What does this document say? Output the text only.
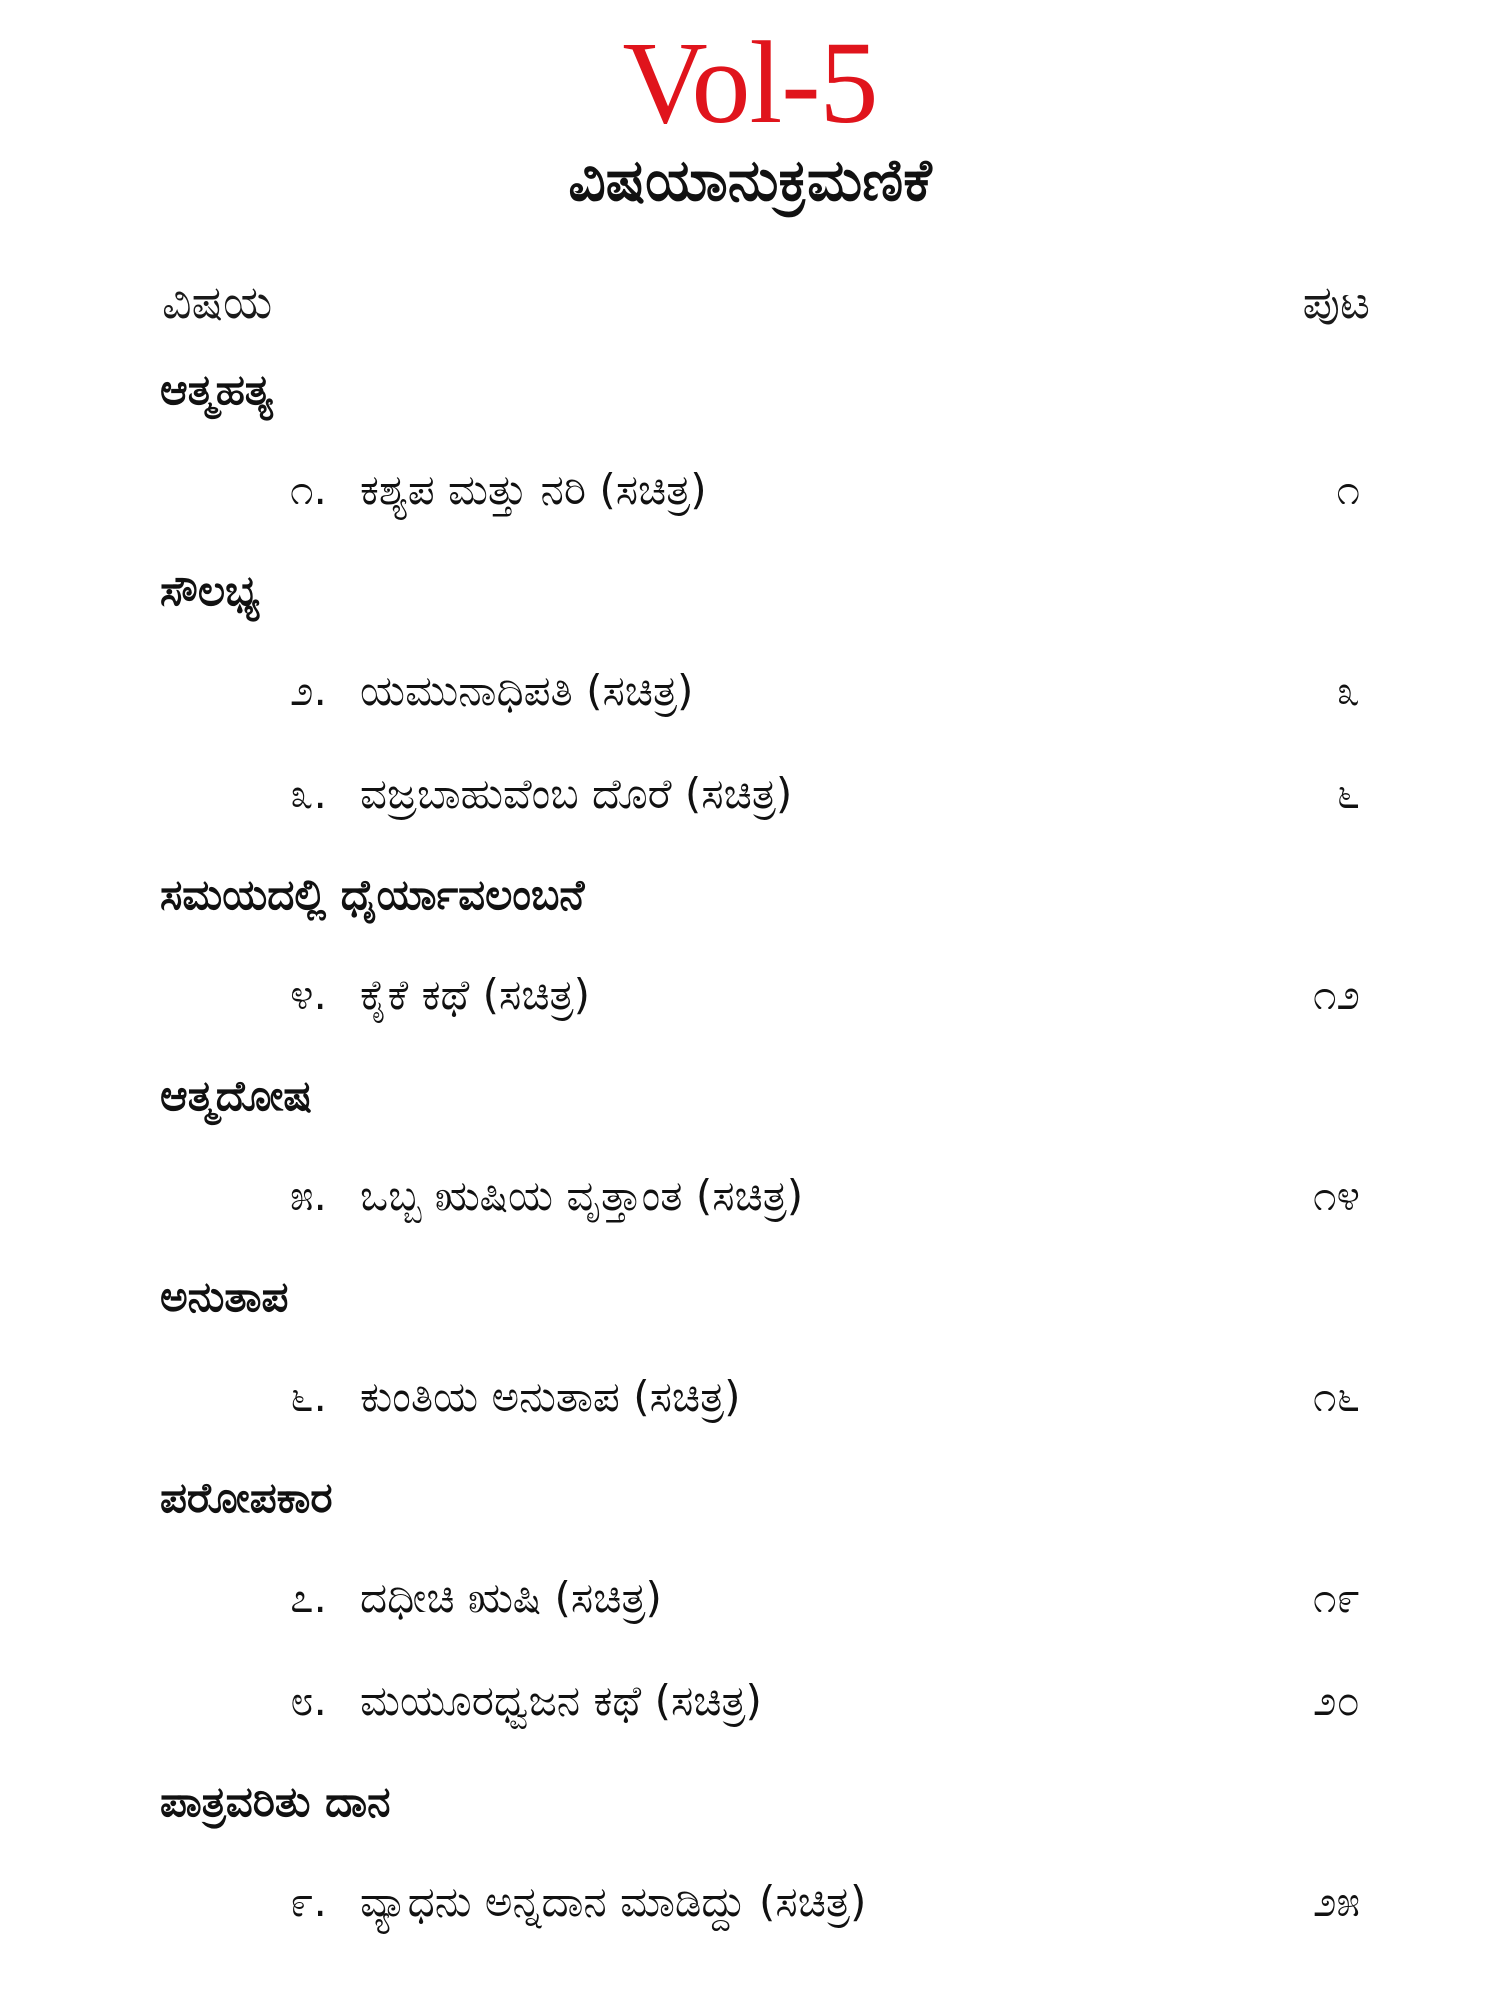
Vol-5
ವಿಷಯಾನುಕ್ರಮಣಿಕೆ
ವಿಷಯ	ಪುಟ
ಆತ್ಮಹತ್ಯ
೧. ಕಶ್ಯಪ ಮತ್ತು ನರಿ (ಸಚಿತ್ರ)	೧
ಸೌಲಭ್ಯ
೨. ಯಮುನಾಧಿಪತಿ (ಸಚಿತ್ರ)	೩
೩. ವಜ್ರಬಾಹುವೆಂಬ ದೊರೆ (ಸಚಿತ್ರ)	೬
ಸಮಯದಲ್ಲಿ ಧೈರ್ಯಾವಲಂಬನೆ
೪. ಕೈಕೆ ಕಥೆ (ಸಚಿತ್ರ)	೧೨
ಆತ್ಮದೋಷ
೫. ಒಬ್ಬ ಋಷಿಯ ವೃತ್ತಾಂತ (ಸಚಿತ್ರ)	೧೪
ಅನುತಾಪ
೬. ಕುಂತಿಯ ಅನುತಾಪ (ಸಚಿತ್ರ)	೧೬
ಪರೋಪಕಾರ
೭. ದಧೀಚಿ ಋಷಿ (ಸಚಿತ್ರ)	೧೯
೮. ಮಯೂರಧ್ವಜನ ಕಥೆ (ಸಚಿತ್ರ)	೨೦
ಪಾತ್ರವರಿತು ದಾನ
೯. ವ್ಯಾಧನು ಅನ್ನದಾನ ಮಾಡಿದ್ದು (ಸಚಿತ್ರ)	೨೫
